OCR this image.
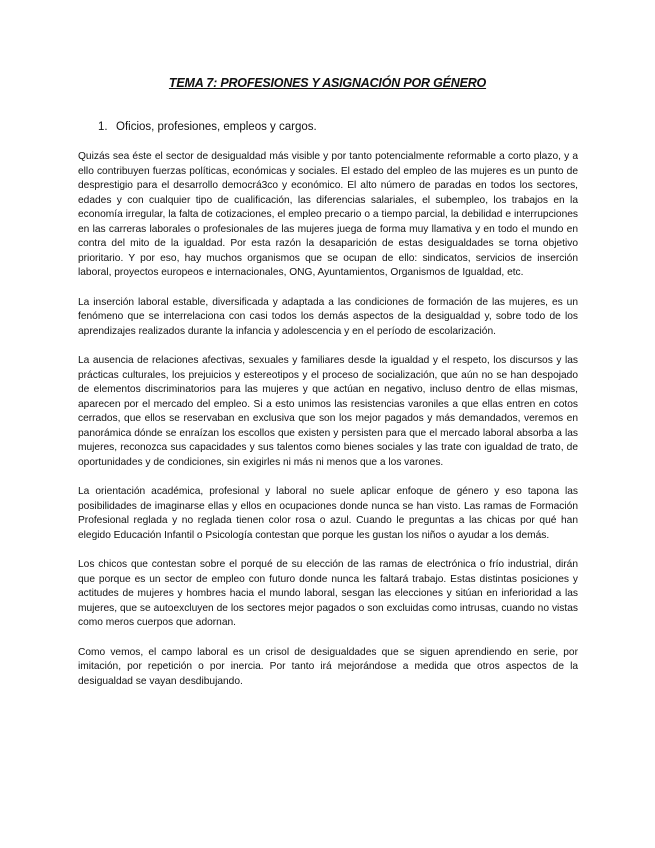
TEMA 7: PROFESIONES Y ASIGNACIÓN POR GÉNERO
1. Oficios, profesiones, empleos y cargos.

Quizás sea éste el sector de desigualdad más visible y por tanto potencialmente reformable a corto plazo, y a ello contribuyen fuerzas políticas, económicas y sociales. El estado del empleo de las mujeres es un punto de desprestigio para el desarrollo democrá3co y económico. El alto número de paradas en todos los sectores, edades y con cualquier tipo de cualificación, las diferencias salariales, el subempleo, los trabajos en la economía irregular, la falta de cotizaciones, el empleo precario o a tiempo parcial, la debilidad e interrupciones en las carreras laborales o profesionales de las mujeres juega de forma muy llamativa y en todo el mundo en contra del mito de la igualdad. Por esta razón la desaparición de estas desigualdades se torna objetivo prioritario. Y por eso, hay muchos organismos que se ocupan de ello: sindicatos, servicios de inserción laboral, proyectos europeos e internacionales, ONG, Ayuntamientos, Organismos de Igualdad, etc.

La inserción laboral estable, diversificada y adaptada a las condiciones de formación de las mujeres, es un fenómeno que se interrelaciona con casi todos los demás aspectos de la desigualdad y, sobre todo de los aprendizajes realizados durante la infancia y adolescencia y en el período de escolarización.

La ausencia de relaciones afectivas, sexuales y familiares desde la igualdad y el respeto, los discursos y las prácticas culturales, los prejuicios y estereotipos y el proceso de socialización, que aún no se han despojado de elementos discriminatorios para las mujeres y que actúan en negativo, incluso dentro de ellas mismas, aparecen por el mercado del empleo. Si a esto unimos las resistencias varoniles a que ellas entren en cotos cerrados, que ellos se reservaban en exclusiva que son los mejor pagados y más demandados, veremos en panorámica dónde se enraízan los escollos que existen y persisten para que el mercado laboral absorba a las mujeres, reconozca sus capacidades y sus talentos como bienes sociales y las trate con igualdad de trato, de oportunidades y de condiciones, sin exigirles ni más ni menos que a los varones.

La orientación académica, profesional y laboral no suele aplicar enfoque de género y eso tapona las posibilidades de imaginarse ellas y ellos en ocupaciones donde nunca se han visto. Las ramas de Formación Profesional reglada y no reglada tienen color rosa o azul. Cuando le preguntas a las chicas por qué han elegido Educación Infantil o Psicología contestan que porque les gustan los niños o ayudar a los demás.

Los chicos que contestan sobre el porqué de su elección de las ramas de electrónica o frío industrial, dirán que porque es un sector de empleo con futuro donde nunca les faltará trabajo. Estas distintas posiciones y actitudes de mujeres y hombres hacia el mundo laboral, sesgan las elecciones y sitúan en inferioridad a las mujeres, que se autoexcluyen de los sectores mejor pagados o son excluidas como intrusas, cuando no vistas como meros cuerpos que adornan.

Como vemos, el campo laboral es un crisol de desigualdades que se siguen aprendiendo en serie, por imitación, por repetición o por inercia. Por tanto irá mejorándose a medida que otros aspectos de la desigualdad se vayan desdibujando.
